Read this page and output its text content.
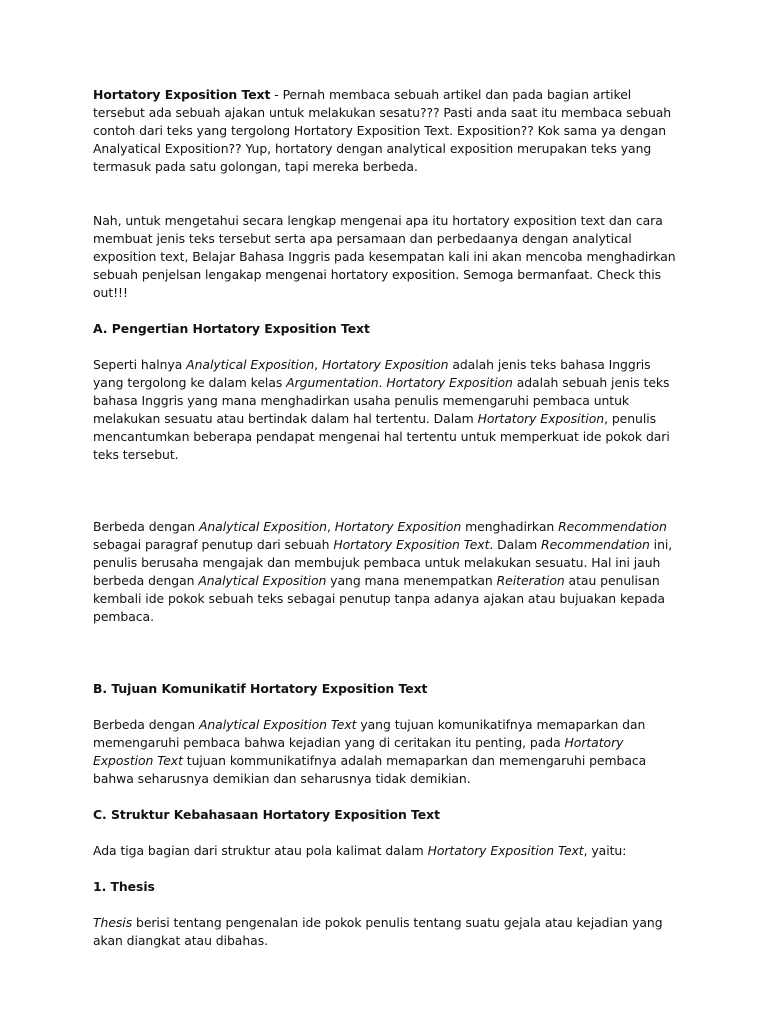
Hortatory Exposition Text - Pernah membaca sebuah artikel dan pada bagian artikel tersebut ada sebuah ajakan untuk melakukan sesatu??? Pasti anda saat itu membaca sebuah contoh dari teks yang tergolong Hortatory Exposition Text. Exposition?? Kok sama ya dengan Analyatical Exposition?? Yup, hortatory dengan analytical exposition merupakan teks yang termasuk pada satu golongan, tapi mereka berbeda.

Nah, untuk mengetahui secara lengkap mengenai apa itu hortatory exposition text dan cara membuat jenis teks tersebut serta apa persamaan dan perbedaanya dengan analytical exposition text, Belajar Bahasa Inggris pada kesempatan kali ini akan mencoba menghadirkan sebuah penjelsan lengakap mengenai hortatory exposition. Semoga bermanfaat. Check this out!!!

A. Pengertian Hortatory Exposition Text

Seperti halnya Analytical Exposition, Hortatory Exposition adalah jenis teks bahasa Inggris yang tergolong ke dalam kelas Argumentation. Hortatory Exposition adalah sebuah jenis teks bahasa Inggris yang mana menghadirkan usaha penulis memengaruhi pembaca untuk melakukan sesuatu atau bertindak dalam hal tertentu. Dalam Hortatory Exposition, penulis mencantumkan beberapa pendapat mengenai hal tertentu untuk memperkuat ide pokok dari teks tersebut.

Berbeda dengan Analytical Exposition, Hortatory Exposition menghadirkan Recommendation sebagai paragraf penutup dari sebuah Hortatory Exposition Text. Dalam Recommendation ini, penulis berusaha mengajak dan membujuk pembaca untuk melakukan sesuatu. Hal ini jauh berbeda dengan Analytical Exposition yang mana menempatkan Reiteration atau penulisan kembali ide pokok sebuah teks sebagai penutup tanpa adanya ajakan atau bujuakan kepada pembaca.

B. Tujuan Komunikatif Hortatory Exposition Text

Berbeda dengan Analytical Exposition Text yang tujuan komunikatifnya memaparkan dan memengaruhi pembaca bahwa kejadian yang di ceritakan itu penting, pada Hortatory Expostion Text tujuan kommunikatifnya adalah memaparkan dan memengaruhi pembaca bahwa seharusnya demikian dan seharusnya tidak demikian.

C. Struktur Kebahasaan Hortatory Exposition Text

Ada tiga bagian dari struktur atau pola kalimat dalam Hortatory Exposition Text, yaitu:

1. Thesis

Thesis berisi tentang pengenalan ide pokok penulis tentang suatu gejala atau kejadian yang akan diangkat atau dibahas.
